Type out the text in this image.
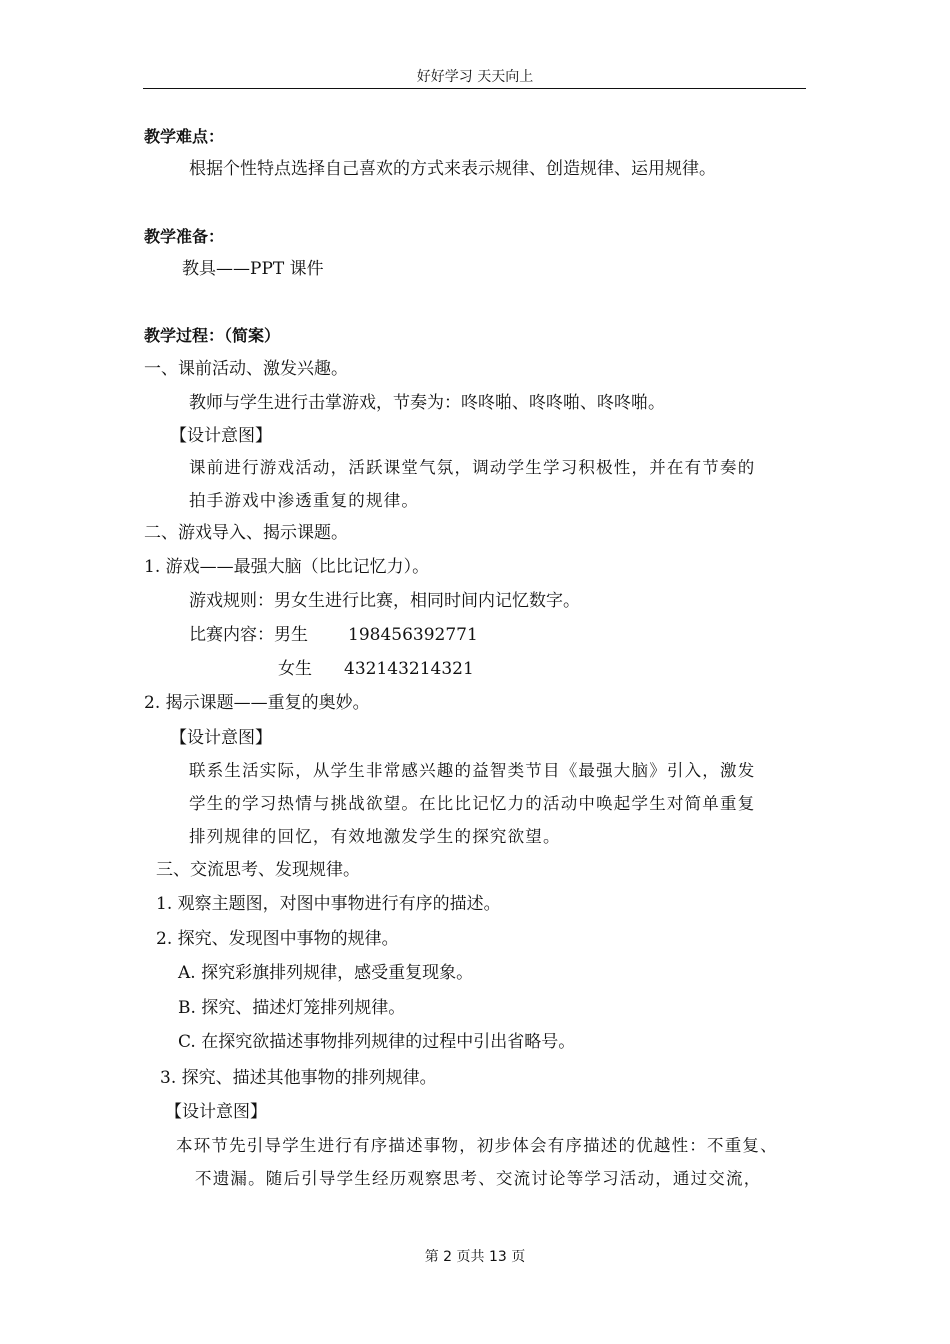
好好学习 天天向上
教学难点：
根据个性特点选择自己喜欢的方式来表示规律、创造规律、运用规律。
教学准备：
教具——PPT 课件
教学过程：（简案）
一、课前活动、激发兴趣。
教师与学生进行击掌游戏，节奏为：咚咚啪、咚咚啪、咚咚啪。
【设计意图】
课前进行游戏活动，活跃课堂气氛，调动学生学习积极性，并在有节奏的
拍手游戏中渗透重复的规律。
二、游戏导入、揭示课题。
1. 游戏——最强大脑（比比记忆力）。
游戏规则：男女生进行比赛，相同时间内记忆数字。
比赛内容：男生 198456392771
女生 432143214321
2. 揭示课题——重复的奥妙。
【设计意图】
联系生活实际，从学生非常感兴趣的益智类节目《最强大脑》引入，激发
学生的学习热情与挑战欲望。在比比记忆力的活动中唤起学生对简单重复
排列规律的回忆，有效地激发学生的探究欲望。
三、交流思考、发现规律。
1. 观察主题图，对图中事物进行有序的描述。
2. 探究、发现图中事物的规律。
A. 探究彩旗排列规律，感受重复现象。
B. 探究、描述灯笼排列规律。
C. 在探究欲描述事物排列规律的过程中引出省略号。
3. 探究、描述其他事物的排列规律。
【设计意图】
本环节先引导学生进行有序描述事物，初步体会有序描述的优越性：不重复、
不遗漏。随后引导学生经历观察思考、交流讨论等学习活动，通过交流，
第 2 页共 13 页
